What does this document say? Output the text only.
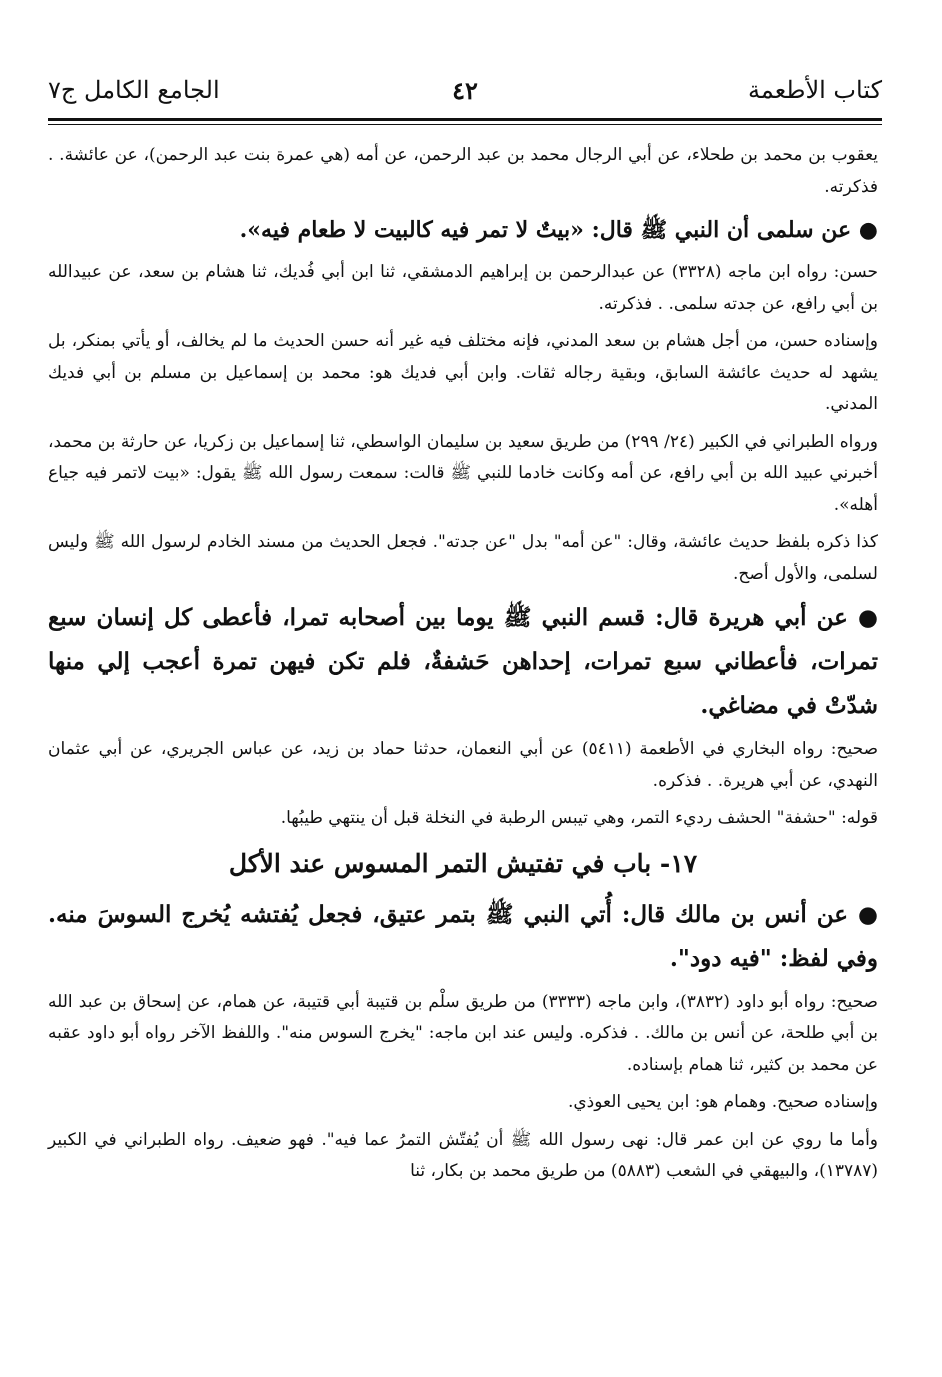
كتاب الأطعمة
٤٢
الجامع الكامل ج٧

يعقوب بن محمد بن طحلاء، عن أبي الرجال محمد بن عبد الرحمن، عن أمه (هي عمرة بنت عبد الرحمن)، عن عائشة. . فذكرته.

● عن سلمى أن النبي ﷺ قال: «بيتٌ لا تمر فيه كالبيت لا طعام فيه».

حسن: رواه ابن ماجه (٣٣٢٨) عن عبدالرحمن بن إبراهيم الدمشقي، ثنا ابن أبي فُديك، ثنا هشام بن سعد، عن عبيدالله بن أبي رافع، عن جدته سلمى. . فذكرته.

وإسناده حسن، من أجل هشام بن سعد المدني، فإنه مختلف فيه غير أنه حسن الحديث ما لم يخالف، أو يأتي بمنكر، بل يشهد له حديث عائشة السابق، وبقية رجاله ثقات. وابن أبي فديك هو: محمد بن إسماعيل بن مسلم بن أبي فديك المدني.

ورواه الطبراني في الكبير (٢٤/ ٢٩٩) من طريق سعيد بن سليمان الواسطي، ثنا إسماعيل بن زكريا، عن حارثة بن محمد، أخبرني عبيد الله بن أبي رافع، عن أمه وكانت خادما للنبي ﷺ قالت: سمعت رسول الله ﷺ يقول: «بيت لاتمر فيه جياع أهله».

كذا ذكره بلفظ حديث عائشة، وقال: "عن أمه" بدل "عن جدته". فجعل الحديث من مسند الخادم لرسول الله ﷺ وليس لسلمى، والأول أصح.

● عن أبي هريرة قال: قسم النبي ﷺ يوما بين أصحابه تمرا، فأعطى كل إنسان سبع تمرات، فأعطاني سبع تمرات، إحداهن حَشفةٌ، فلم تكن فيهن تمرة أعجب إلي منها شدّتْ في مضاغي.

صحيح: رواه البخاري في الأطعمة (٥٤١١) عن أبي النعمان، حدثنا حماد بن زيد، عن عباس الجريري، عن أبي عثمان النهدي، عن أبي هريرة. . فذكره.

قوله: "حشفة" الحشف رديء التمر، وهي تيبس الرطبة في النخلة قبل أن ينتهي طيبُها.

١٧- باب في تفتيش التمر المسوس عند الأكل

● عن أنس بن مالك قال: أُتي النبي ﷺ بتمر عتيق، فجعل يُفتشه يُخرج السوسَ منه. وفي لفظ: "فيه دود".

صحيح: رواه أبو داود (٣٨٣٢)، وابن ماجه (٣٣٣٣) من طريق سلْم بن قتيبة أبي قتيبة، عن همام، عن إسحاق بن عبد الله بن أبي طلحة، عن أنس بن مالك. . فذكره. وليس عند ابن ماجه: "يخرج السوس منه". واللفظ الآخر رواه أبو داود عقبه عن محمد بن كثير، ثنا همام بإسناده.

وإسناده صحيح. وهمام هو: ابن يحيى العوذي.

وأما ما روي عن ابن عمر قال: نهى رسول الله ﷺ أن يُفتّش التمرُ عما فيه". فهو ضعيف. رواه الطبراني في الكبير (١٣٧٨٧)، والبيهقي في الشعب (٥٨٨٣) من طريق محمد بن بكار، ثنا
